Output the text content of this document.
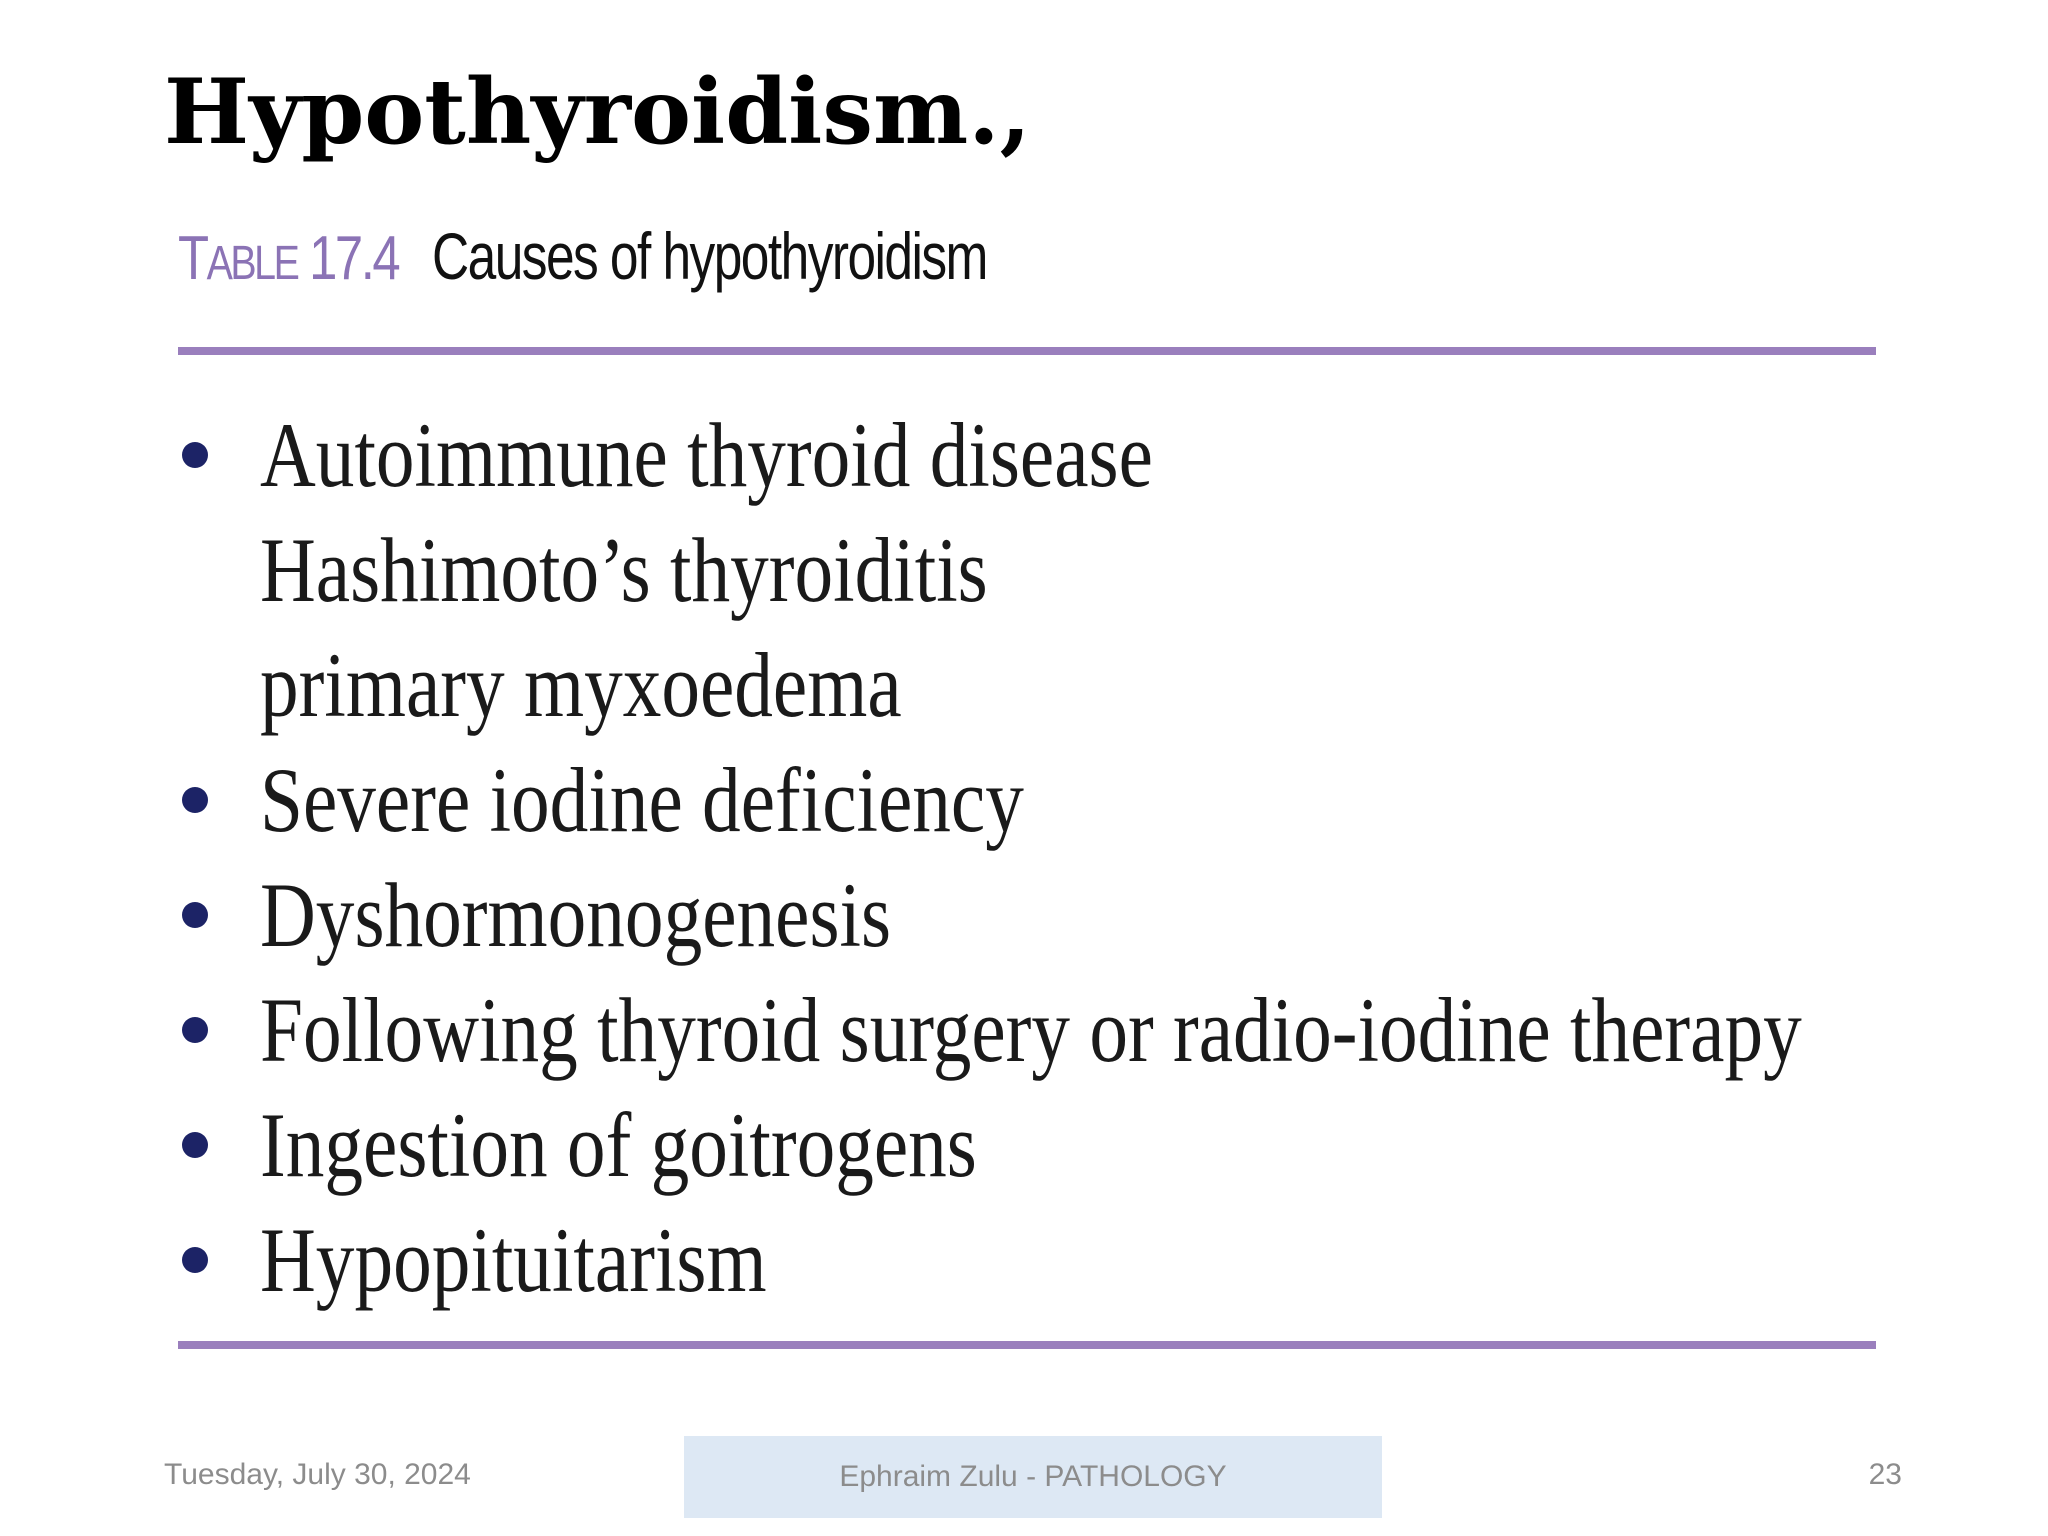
Hypothyroidism.,
TABLE 17.4 Causes of hypothyroidism
Autoimmune thyroid disease
Hashimoto’s thyroiditis
primary myxoedema
Severe iodine deficiency
Dyshormonogenesis
Following thyroid surgery or radio-iodine therapy
Ingestion of goitrogens
Hypopituitarism
Tuesday, July 30, 2024	Ephraim Zulu - PATHOLOGY	23
